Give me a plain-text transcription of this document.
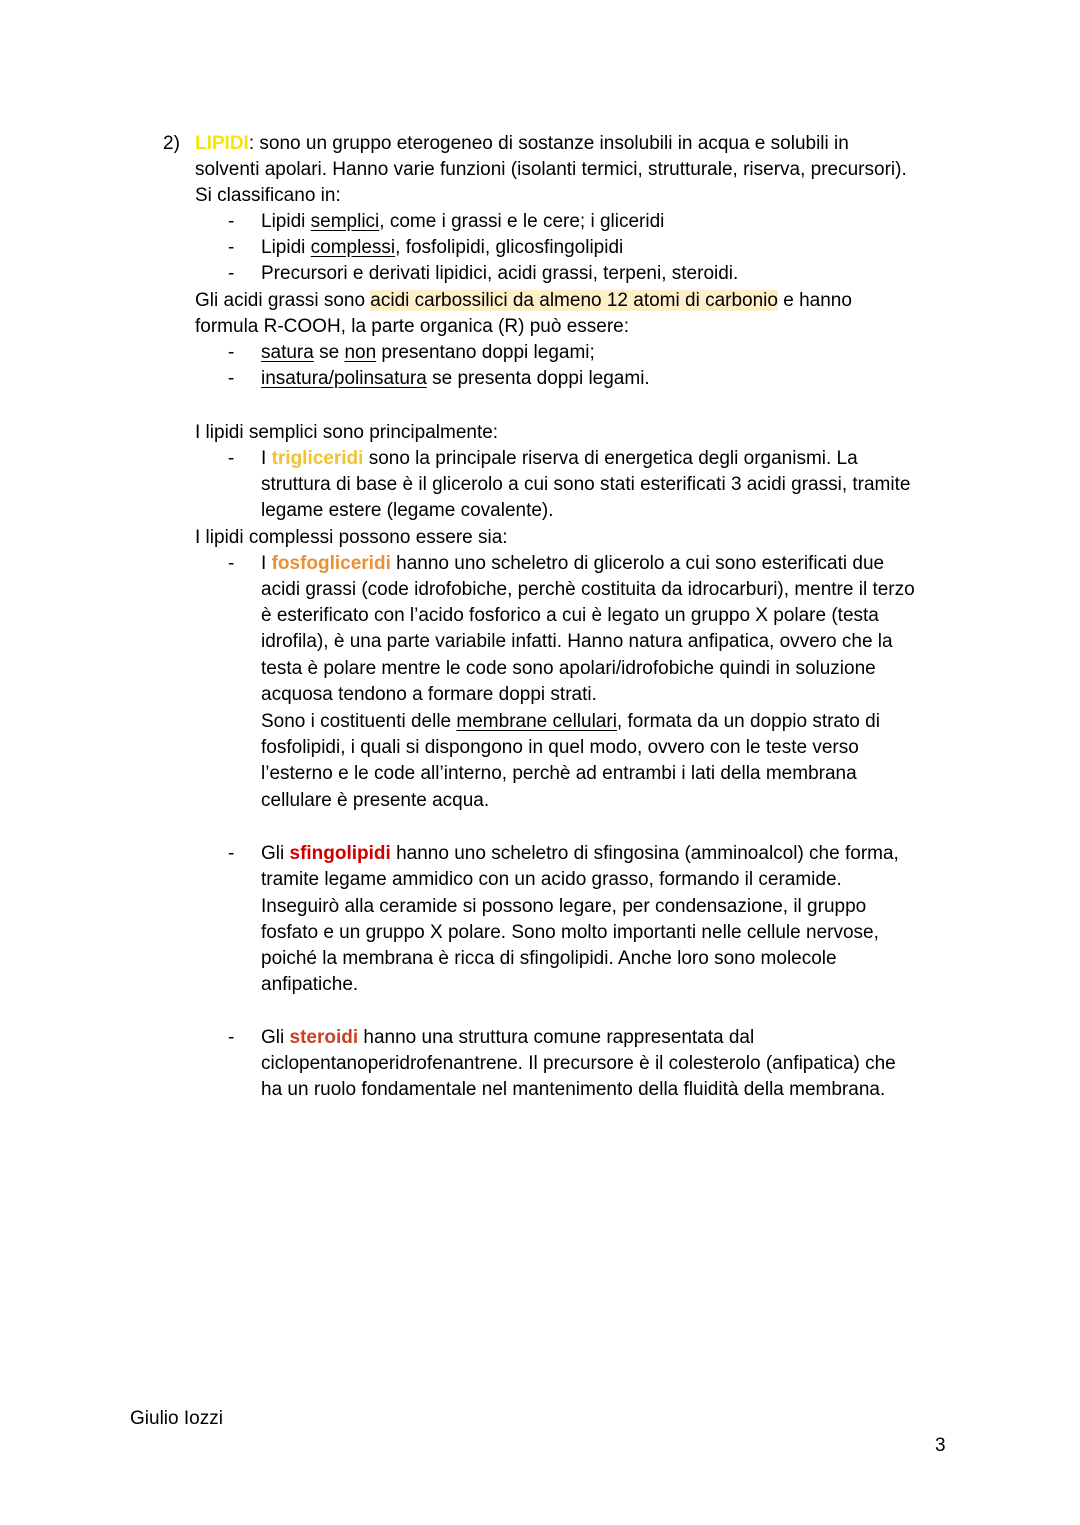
2) LIPIDI: sono un gruppo eterogeneo di sostanze insolubili in acqua e solubili in
solventi apolari. Hanno varie funzioni (isolanti termici, strutturale, riserva, precursori).
Si classificano in:
- Lipidi semplici, come i grassi e le cere; i gliceridi
- Lipidi complessi, fosfolipidi, glicosfingolipidi
- Precursori e derivati lipidici, acidi grassi, terpeni, steroidi.
Gli acidi grassi sono acidi carbossilici da almeno 12 atomi di carbonio e hanno
formula R-COOH, la parte organica (R) può essere:
- satura se non presentano doppi legami;
- insatura/polinsatura se presenta doppi legami.
I lipidi semplici sono principalmente:
- I trigliceridi sono la principale riserva di energetica degli organismi. La
struttura di base è il glicerolo a cui sono stati esterificati 3 acidi grassi, tramite
legame estere (legame covalente).
I lipidi complessi possono essere sia:
- I fosfogliceridi hanno uno scheletro di glicerolo a cui sono esterificati due
acidi grassi (code idrofobiche, perchè costituita da idrocarburi), mentre il terzo
è esterificato con l’acido fosforico a cui è legato un gruppo X polare (testa
idrofila), è una parte variabile infatti. Hanno natura anfipatica, ovvero che la
testa è polare mentre le code sono apolari/idrofobiche quindi in soluzione
acquosa tendono a formare doppi strati.
Sono i costituenti delle membrane cellulari, formata da un doppio strato di
fosfolipidi, i quali si dispongono in quel modo, ovvero con le teste verso
l’esterno e le code all’interno, perchè ad entrambi i lati della membrana
cellulare è presente acqua.
- Gli sfingolipidi hanno uno scheletro di sfingosina (amminoalcol) che forma,
tramite legame ammidico con un acido grasso, formando il ceramide.
Inseguirò alla ceramide si possono legare, per condensazione, il gruppo
fosfato e un gruppo X polare. Sono molto importanti nelle cellule nervose,
poiché la membrana è ricca di sfingolipidi. Anche loro sono molecole
anfipatiche.
- Gli steroidi hanno una struttura comune rappresentata dal
ciclopentanoperidrofenantrene. Il precursore è il colesterolo (anfipatica) che
ha un ruolo fondamentale nel mantenimento della fluidità della membrana.
Giulio Iozzi
3
